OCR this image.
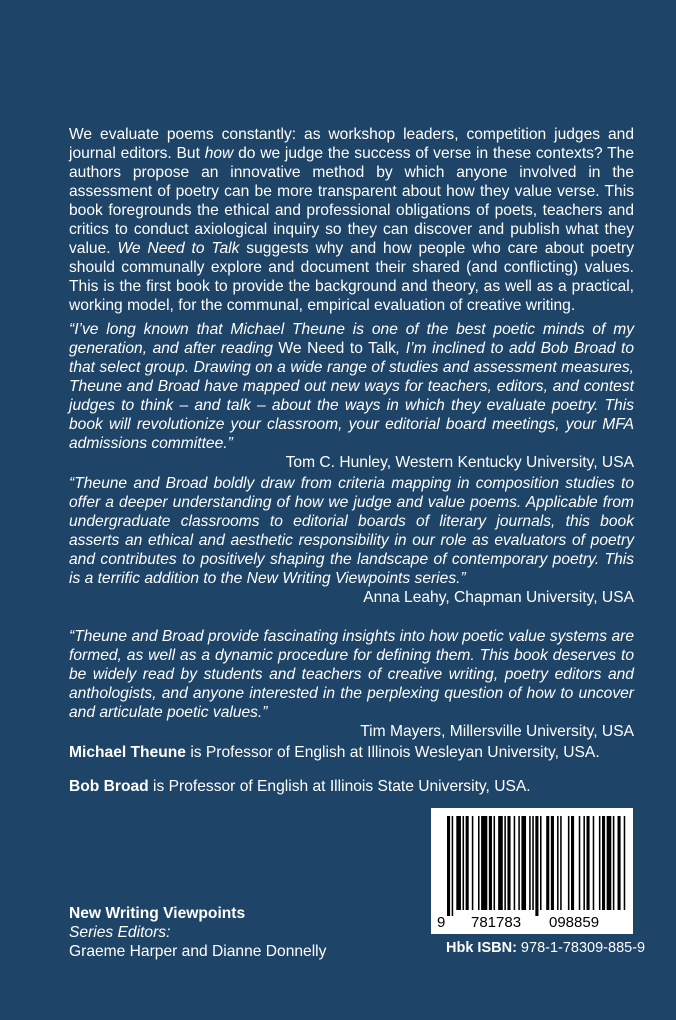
We evaluate poems constantly: as workshop leaders, competition judges and journal editors. But how do we judge the success of verse in these contexts? The authors propose an innovative method by which anyone involved in the assessment of poetry can be more transparent about how they value verse. This book foregrounds the ethical and professional obligations of poets, teachers and critics to conduct axiological inquiry so they can discover and publish what they value. We Need to Talk suggests why and how people who care about poetry should communally explore and document their shared (and conflicting) values. This is the first book to provide the background and theory, as well as a practical, working model, for the communal, empirical evaluation of creative writing.

“I’ve long known that Michael Theune is one of the best poetic minds of my generation, and after reading We Need to Talk, I’m inclined to add Bob Broad to that select group. Drawing on a wide range of studies and assessment measures, Theune and Broad have mapped out new ways for teachers, editors, and contest judges to think – and talk – about the ways in which they evaluate poetry. This book will revolutionize your classroom, your editorial board meetings, your MFA admissions committee.”

Tom C. Hunley, Western Kentucky University, USA

“Theune and Broad boldly draw from criteria mapping in composition studies to offer a deeper understanding of how we judge and value poems. Applicable from undergraduate classrooms to editorial boards of literary journals, this book asserts an ethical and aesthetic responsibility in our role as evaluators of poetry and contributes to positively shaping the landscape of contemporary poetry. This is a terrific addition to the New Writing Viewpoints series.”

Anna Leahy, Chapman University, USA

“Theune and Broad provide fascinating insights into how poetic value systems are formed, as well as a dynamic procedure for defining them. This book deserves to be widely read by students and teachers of creative writing, poetry editors and anthologists, and anyone interested in the perplexing question of how to uncover and articulate poetic values.”

Tim Mayers, Millersville University, USA

Michael Theune is Professor of English at Illinois Wesleyan University, USA.

Bob Broad is Professor of English at Illinois State University, USA.

9 781783 098859
New Writing Viewpoints
Series Editors:
Graeme Harper and Dianne Donnelly	Hbk ISBN: 978-1-78309-885-9
